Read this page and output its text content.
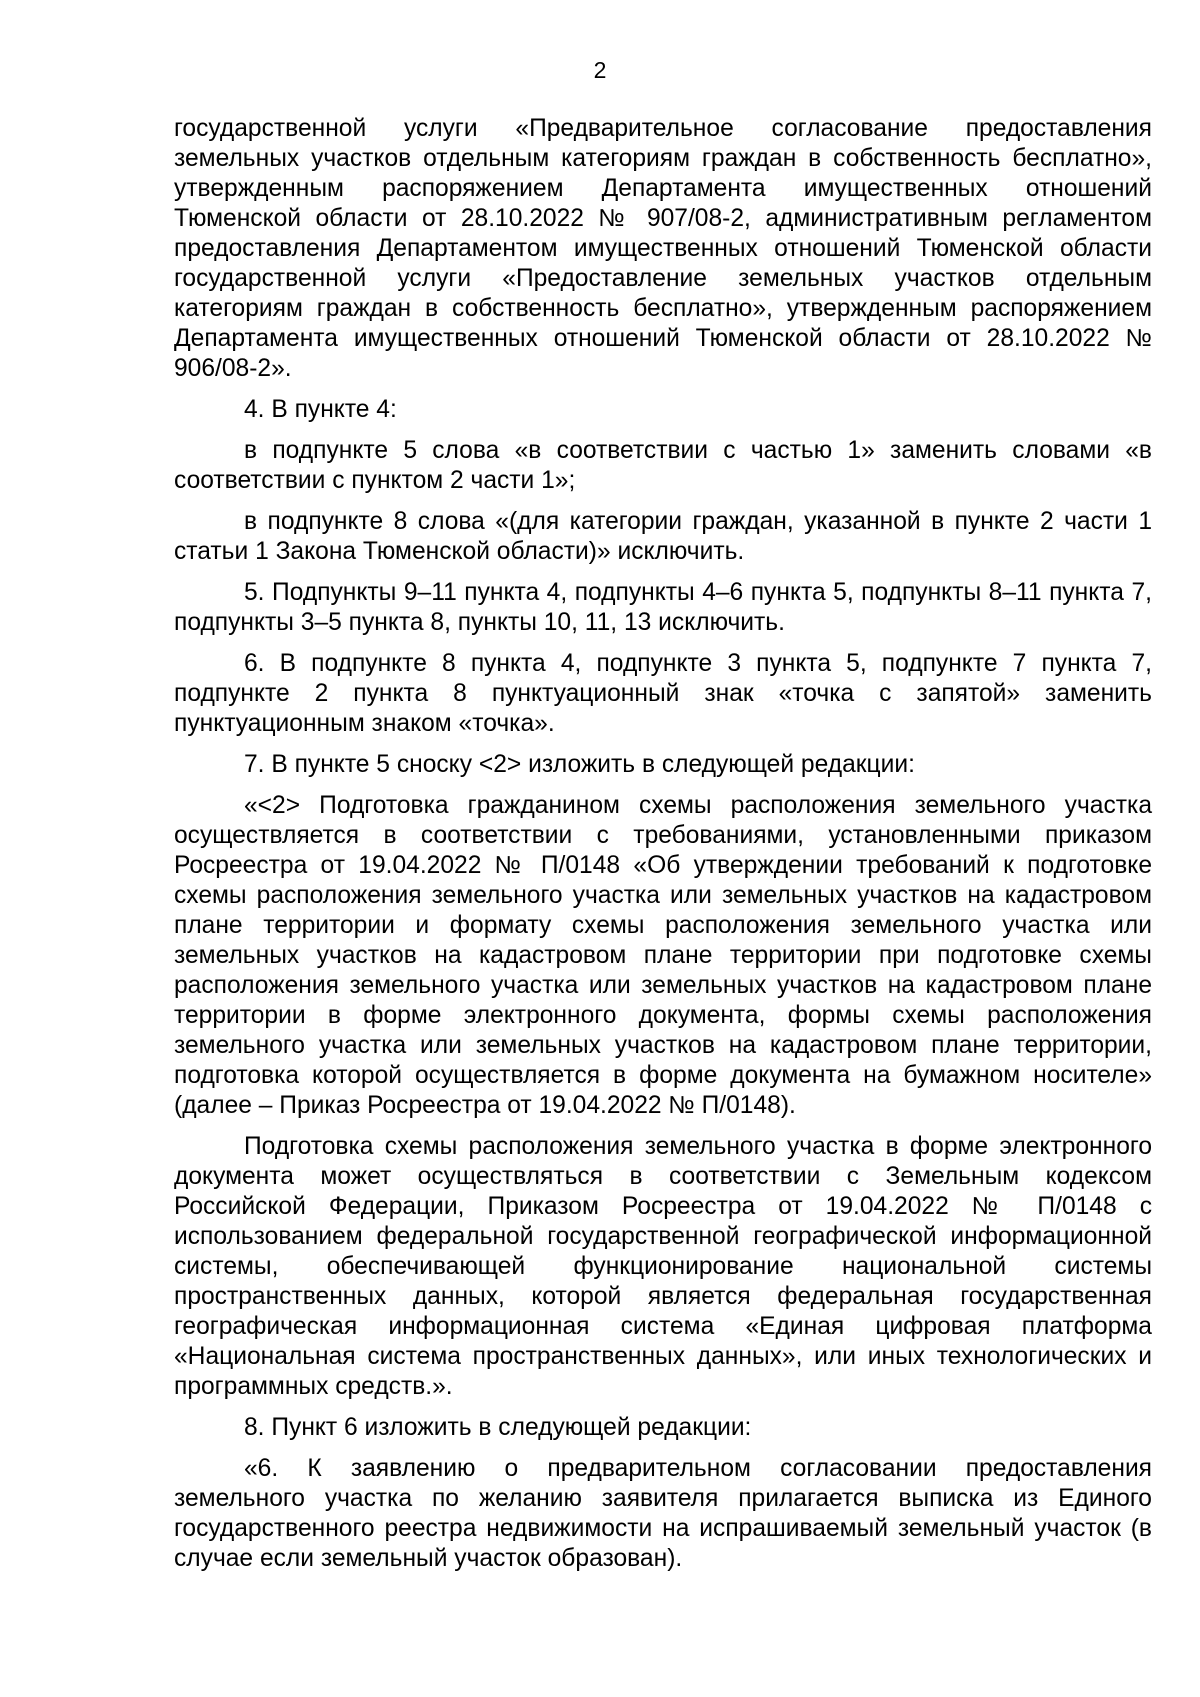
2

государственной услуги «Предварительное согласование предоставления земельных участков отдельным категориям граждан в собственность бесплатно», утвержденным распоряжением Департамента имущественных отношений Тюменской области от 28.10.2022 № 907/08-2, административным регламентом предоставления Департаментом имущественных отношений Тюменской области государственной услуги «Предоставление земельных участков отдельным категориям граждан в собственность бесплатно», утвержденным распоряжением Департамента имущественных отношений Тюменской области от 28.10.2022 № 906/08-2».

4. В пункте 4:

в подпункте 5 слова «в соответствии с частью 1» заменить словами «в соответствии с пунктом 2 части 1»;

в подпункте 8 слова «(для категории граждан, указанной в пункте 2 части 1 статьи 1 Закона Тюменской области)» исключить.

5. Подпункты 9–11 пункта 4, подпункты 4–6 пункта 5, подпункты 8–11 пункта 7, подпункты 3–5 пункта 8, пункты 10, 11, 13 исключить.

6. В подпункте 8 пункта 4, подпункте 3 пункта 5, подпункте 7 пункта 7, подпункте 2 пункта 8 пунктуационный знак «точка с запятой» заменить пунктуационным знаком «точка».

7. В пункте 5 сноску <2> изложить в следующей редакции:

«<2> Подготовка гражданином схемы расположения земельного участка осуществляется в соответствии с требованиями, установленными приказом Росреестра от 19.04.2022 № П/0148 «Об утверждении требований к подготовке схемы расположения земельного участка или земельных участков на кадастровом плане территории и формату схемы расположения земельного участка или земельных участков на кадастровом плане территории при подготовке схемы расположения земельного участка или земельных участков на кадастровом плане территории в форме электронного документа, формы схемы расположения земельного участка или земельных участков на кадастровом плане территории, подготовка которой осуществляется в форме документа на бумажном носителе» (далее – Приказ Росреестра от 19.04.2022 № П/0148).

Подготовка схемы расположения земельного участка в форме электронного документа может осуществляться в соответствии с Земельным кодексом Российской Федерации, Приказом Росреестра от 19.04.2022 № П/0148 с использованием федеральной государственной географической информационной системы, обеспечивающей функционирование национальной системы пространственных данных, которой является федеральная государственная географическая информационная система «Единая цифровая платформа «Национальная система пространственных данных», или иных технологических и программных средств.».

8. Пункт 6 изложить в следующей редакции:

«6. К заявлению о предварительном согласовании предоставления земельного участка по желанию заявителя прилагается выписка из Единого государственного реестра недвижимости на испрашиваемый земельный участок (в случае если земельный участок образован).
